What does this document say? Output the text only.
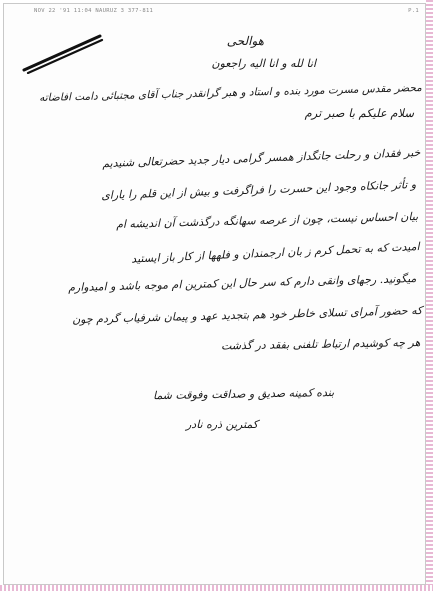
NOV 22 '91 11:04 NAURUZ 3 377-811	P.1
هوالحی
انا لله و انا الیه راجعون
محضر مقدس مسرت مورد بنده و استاد و هبر گرانقدر جناب آقای مجتبائی دامت افاضاته
سلام علیکم با صبر ترم
خبر فقدان و رحلت جانگداز همسر گرامی دیار جدید حضرتعالی شنیدیم
و تأثر جانکاه وجود این حسرت را فراگرفت و بیش از این قلم را یارای
بیان احساس نیست، چون از عرصه سهانگه درگذشت آن اندیشه ام
امیدت که به تحمل کرم ز بان ارجمندان و فلهها از کار باز ایستید
میگونید. رجهای وانقی دارم که سر حال این کمترین ام موجه باشد و امیدوارم
که حضور آمرای تسلای خاطر خود هم بتجدید عهد و پیمان شرفیاب گردم چون
هر چه کوشیدم ارتباط تلفنی بفقد در گذشت
بنده کمینه صدیق و صداقت وفوقت شما
کمترین ذره نادر
